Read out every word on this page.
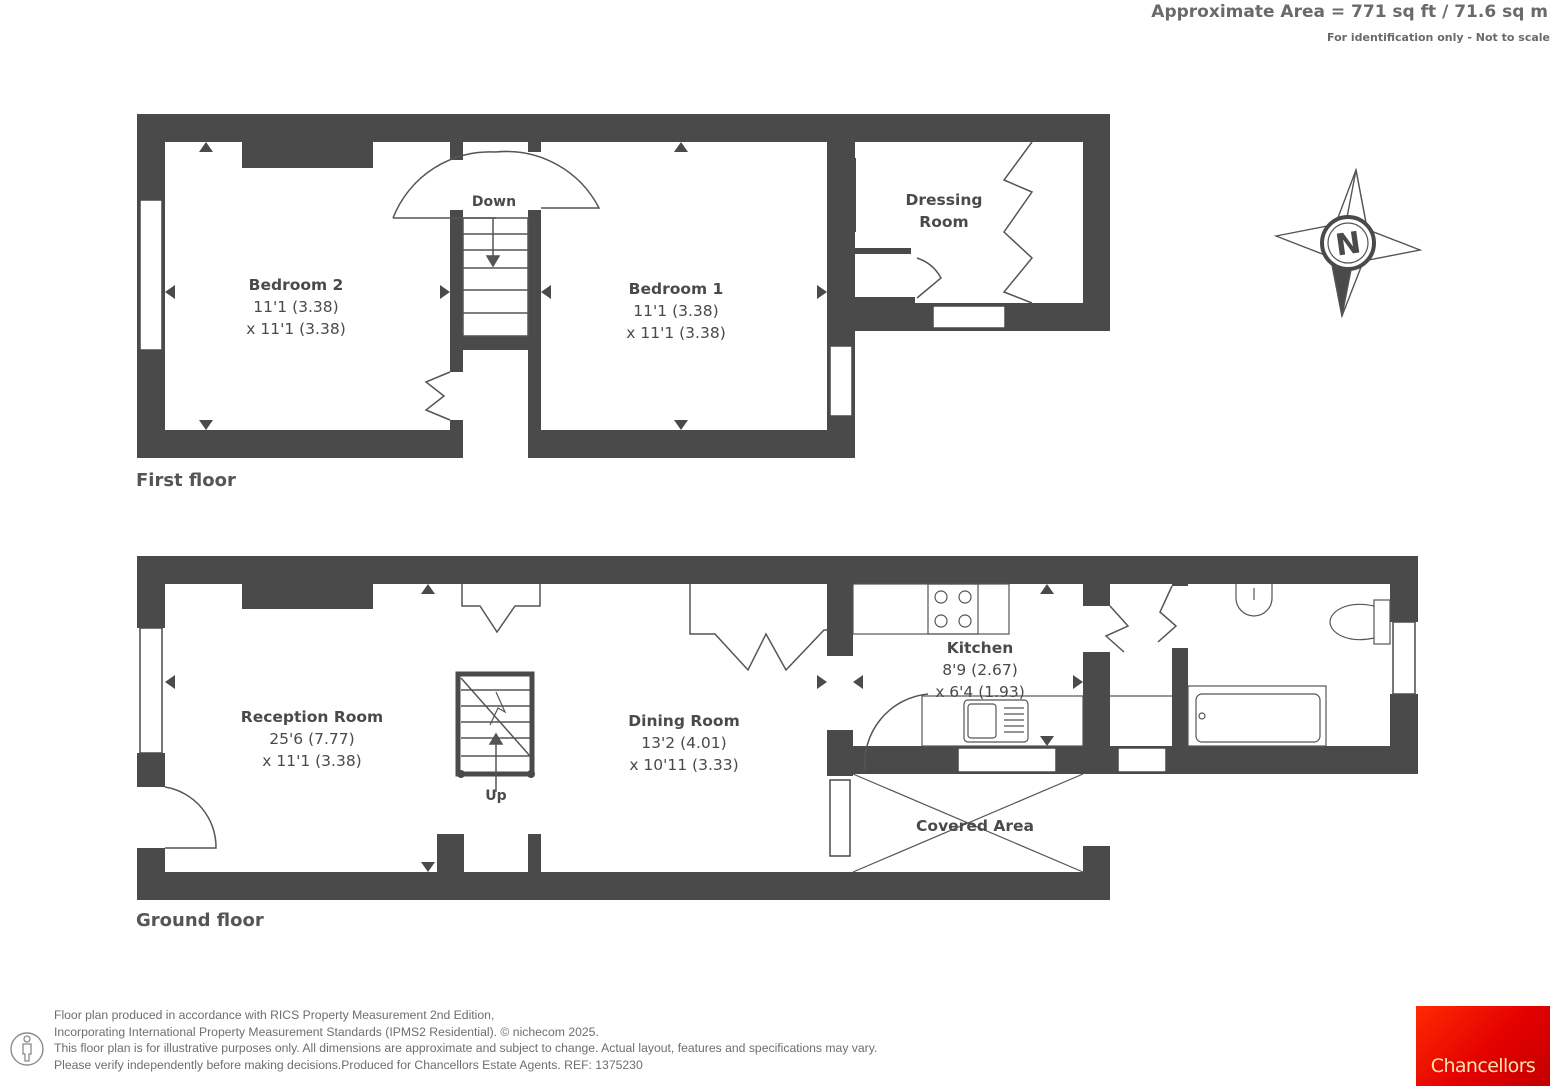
N
Approximate Area = 771 sq ft / 71.6 sq m
For identification only - Not to scale
First floor
Bedroom 2
11'1 (3.38)
x 11'1 (3.38)
Bedroom 1
11'1 (3.38)
x 11'1 (3.38)
Dressing
Room
Down
Ground floor
Reception Room
25'6 (7.77)
x 11'1 (3.38)
Dining Room
13'2 (4.01)
x 10'11 (3.33)
Kitchen
8'9 (2.67)
x 6'4 (1.93)
Covered Area
Up
Floor plan produced in accordance with RICS Property Measurement 2nd Edition,
Incorporating International Property Measurement Standards (IPMS2 Residential). © nichecom 2025.
This floor plan is for illustrative purposes only. All dimensions are approximate and subject to change. Actual layout, features and specifications may vary.
Please verify independently before making decisions.Produced for Chancellors Estate Agents. REF: 1375230	Chancellors
